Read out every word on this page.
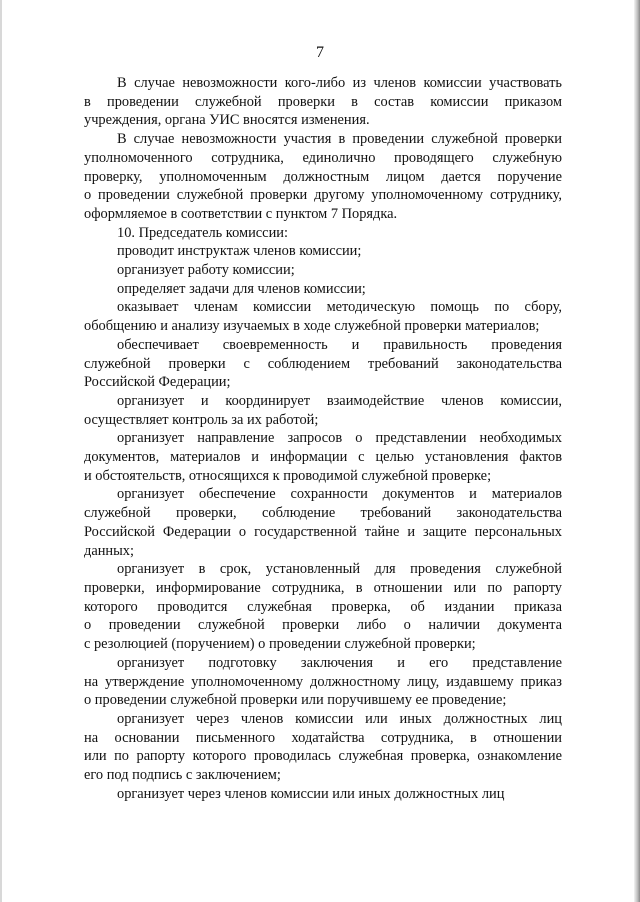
7
В случае невозможности кого-либо из членов комиссии участвовать
в проведении служебной проверки в состав комиссии приказом
учреждения, органа УИС вносятся изменения.
В случае невозможности участия в проведении служебной проверки
уполномоченного сотрудника, единолично проводящего служебную
проверку, уполномоченным должностным лицом дается поручение
о проведении служебной проверки другому уполномоченному сотруднику,
оформляемое в соответствии с пунктом 7 Порядка.
10. Председатель комиссии:
проводит инструктаж членов комиссии;
организует работу комиссии;
определяет задачи для членов комиссии;
оказывает членам комиссии методическую помощь по сбору,
обобщению и анализу изучаемых в ходе служебной проверки материалов;
обеспечивает своевременность и правильность проведения
служебной проверки с соблюдением требований законодательства
Российской Федерации;
организует и координирует взаимодействие членов комиссии,
осуществляет контроль за их работой;
организует направление запросов о представлении необходимых
документов, материалов и информации с целью установления фактов
и обстоятельств, относящихся к проводимой служебной проверке;
организует обеспечение сохранности документов и материалов
служебной проверки, соблюдение требований законодательства
Российской Федерации о государственной тайне и защите персональных
данных;
организует в срок, установленный для проведения служебной
проверки, информирование сотрудника, в отношении или по рапорту
которого проводится служебная проверка, об издании приказа
о проведении служебной проверки либо о наличии документа
с резолюцией (поручением) о проведении служебной проверки;
организует подготовку заключения и его представление
на утверждение уполномоченному должностному лицу, издавшему приказ
о проведении служебной проверки или поручившему ее проведение;
организует через членов комиссии или иных должностных лиц
на основании письменного ходатайства сотрудника, в отношении
или по рапорту которого проводилась служебная проверка, ознакомление
его под подпись с заключением;
организует через членов комиссии или иных должностных лиц
